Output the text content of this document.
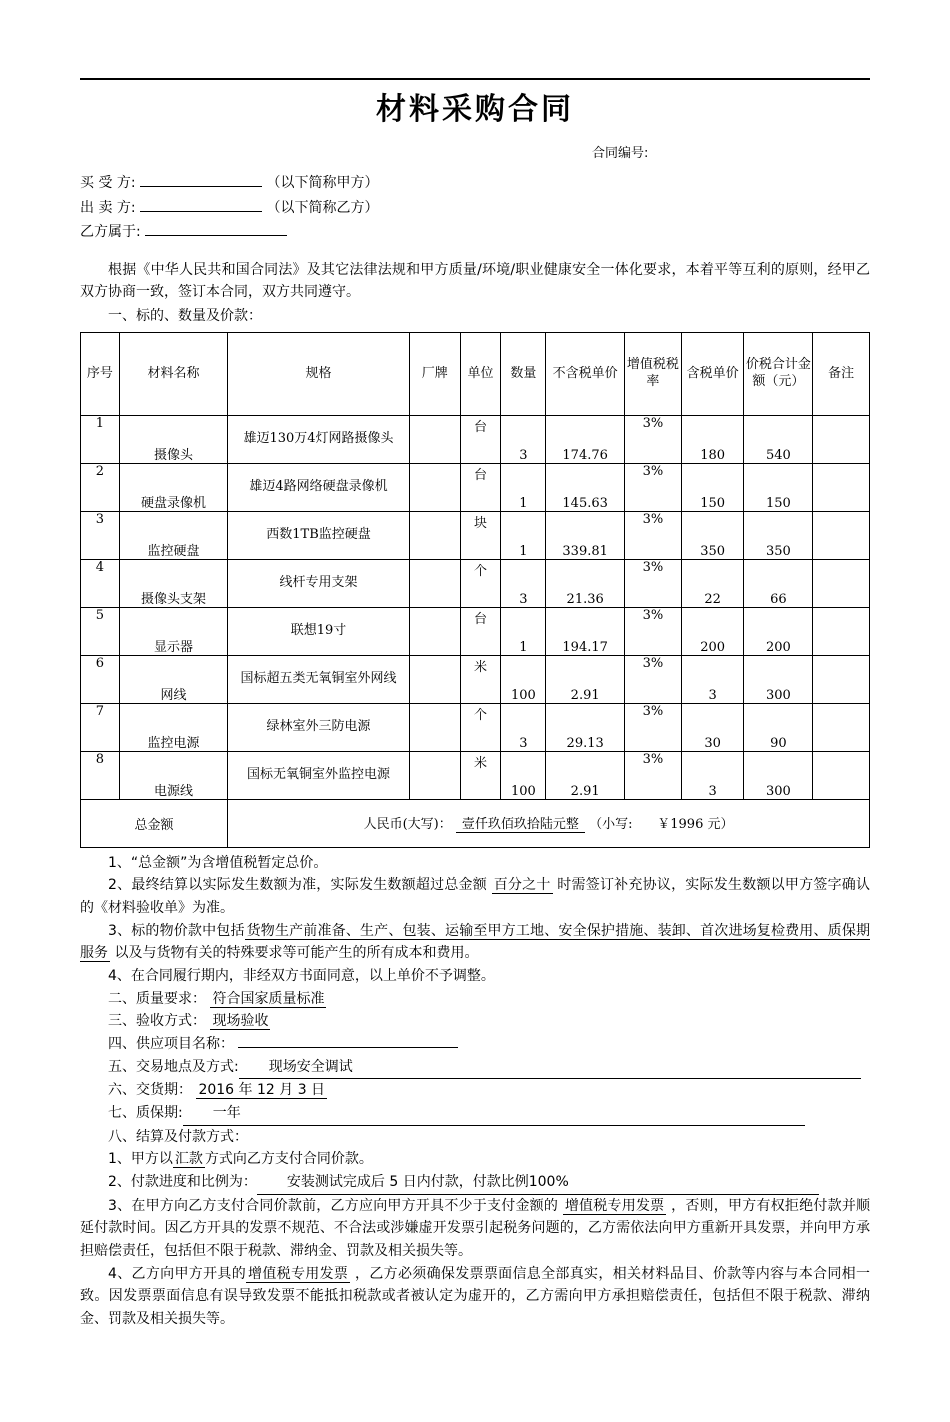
材料采购合同
合同编号:
买 受 方:	（以下简称甲方）
出 卖 方:	（以下简称乙方）
乙方属于:
根据《中华人民共和国合同法》及其它法律法规和甲方质量/环境/职业健康安全一体化要求，本着平等互利的原则，经甲乙双方协商一致，签订本合同，双方共同遵守。
一、标的、数量及价款：
序号	材料名称	规格	厂牌	单位	数量	不含税单价	增值税税率	含税单价	价税合计金额（元）	备注
1	摄像头	雄迈130万4灯网路摄像头		台	3	174.76	3%	180	540	
2	硬盘录像机	雄迈4路网络硬盘录像机		台	1	145.63	3%	150	150	
3	监控硬盘	西数1TB监控硬盘		块	1	339.81	3%	350	350	
4	摄像头支架	线杆专用支架		个	3	21.36	3%	22	66	
5	显示器	联想19寸		台	1	194.17	3%	200	200	
6	网线	国标超五类无氧铜室外网线		米	100	2.91	3%	3	300	
7	监控电源	绿林室外三防电源		个	3	29.13	3%	30	90	
8	电源线	国标无氧铜室外监控电源		米	100	2.91	3%	3	300	
总金额		人民币(大写)： 壹仟玖佰玖拾陆元整 （小写: ￥1996 元）								
1、“总金额”为含增值税暂定总价。
2、最终结算以实际发生数额为准，实际发生数额超过总金额 百分之十 时需签订补充协议，实际发生数额以甲方签字确认的《材料验收单》为准。
3、标的物价款中包括 货物生产前准备、生产、包装、运输至甲方工地、安全保护措施、装卸、首次进场复检费用、质保期服务 以及与货物有关的特殊要求等可能产生的所有成本和费用。
4、在合同履行期内，非经双方书面同意，以上单价不予调整。
二、质量要求： 符合国家质量标准
三、验收方式： 现场验收
四、供应项目名称：
五、交易地点及方式: 现场安全调试
六、交货期： 2016 年 12 月 3 日
七、质保期: 一年
八、结算及付款方式：
1、甲方以 汇款 方式向乙方支付合同价款。
2、付款进度和比例为： 安装测试完成后 5 日内付款，付款比例100%
3、在甲方向乙方支付合同价款前，乙方应向甲方开具不少于支付金额的 增值税专用发票 ，否则，甲方有权拒绝付款并顺延付款时间。因乙方开具的发票不规范、不合法或涉嫌虚开发票引起税务问题的，乙方需依法向甲方重新开具发票，并向甲方承担赔偿责任，包括但不限于税款、滞纳金、罚款及相关损失等。
4、乙方向甲方开具的 增值税专用发票 ，乙方必须确保发票票面信息全部真实，相关材料品目、价款等内容与本合同相一致。因发票票面信息有误导致发票不能抵扣税款或者被认定为虚开的，乙方需向甲方承担赔偿责任，包括但不限于税款、滞纳金、罚款及相关损失等。
